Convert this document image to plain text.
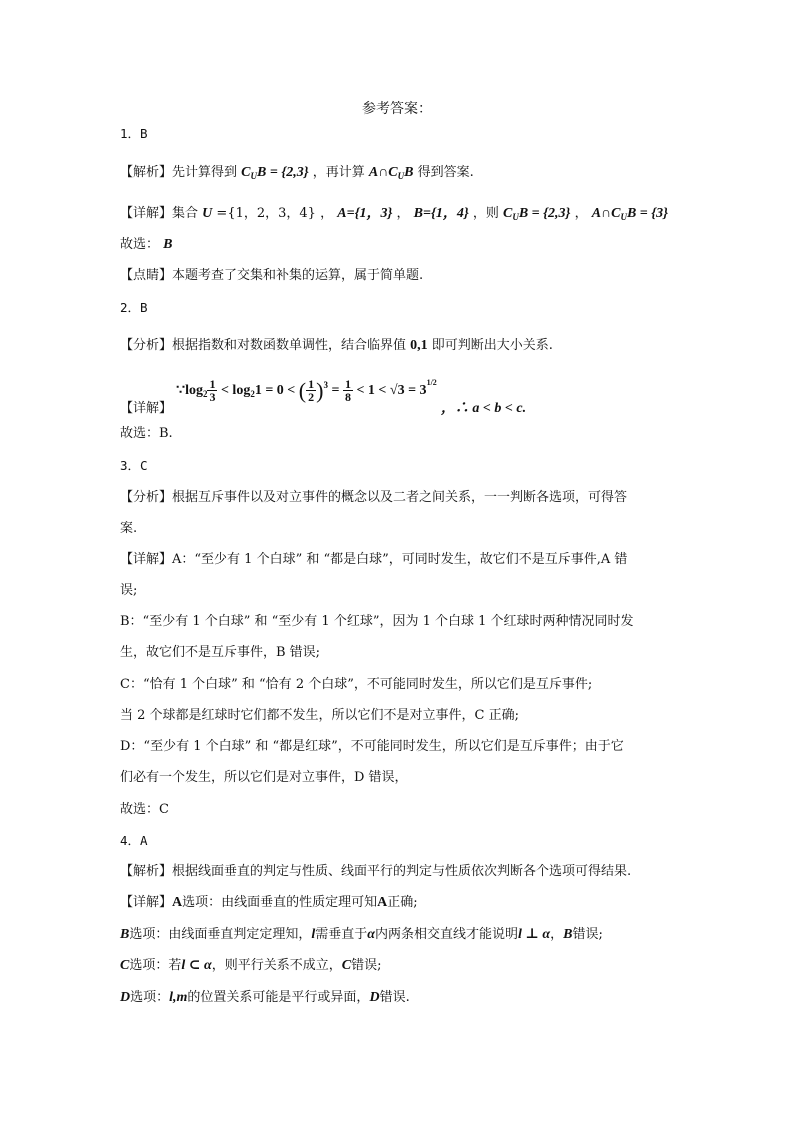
参考答案：
1．B
【解析】先计算得到 $C_UB = \{2,3\}$ ，再计算 $A\cap C_UB$ 得到答案.
【详解】集合 U ={1，2，3，4} ， A={1，3} ， B={1，4} ，则 $C_UB = \{2,3\}$ ， $A\cap C_UB = \{3\}$
故选： B
【点睛】本题考查了交集和补集的运算，属于简单题.
2．B
【分析】根据指数和对数函数单调性，结合临界值 0,1 即可判断出大小关系.
【详解】 $\because\log_2 \frac{1}{3} < \log_21 = 0$ < ( $\frac{1}{2} )^3 = \frac{1}{8} < 1 < √3 = 3^{1/2}$ ，∴ a < b < c.
故选：B.
3．C
【分析】根据互斥事件以及对立事件的概念以及二者之间关系，一一判断各选项，可得答
案.
【详解】A：“至少有 1 个白球” 和 “都是白球”，可同时发生，故它们不是互斥事件,A 错
误;
B：“至少有 1 个白球” 和 “至少有 1 个红球”，因为 1 个白球 1 个红球时两种情况同时发
生，故它们不是互斥事件，B 错误;
C：“恰有 1 个白球” 和 “恰有 2 个白球”，不可能同时发生，所以它们是互斥事件;
当 2 个球都是红球时它们都不发生，所以它们不是对立事件，C 正确;
D：“至少有 1 个白球” 和 “都是红球”，不可能同时发生，所以它们是互斥事件；由于它
们必有一个发生，所以它们是对立事件，D 错误，
故选：C
4．A
【解析】根据线面垂直的判定与性质、线面平行的判定与性质依次判断各个选项可得结果.
【详解】A选项：由线面垂直的性质定理可知A正确;
B选项：由线面垂直判定定理知，l需垂直于α内两条相交直线才能说明l ⊥ α，B错误;
C选项：若l ⊂ α，则平行关系不成立，C错误;
D选项：l,m的位置关系可能是平行或异面，D错误.
